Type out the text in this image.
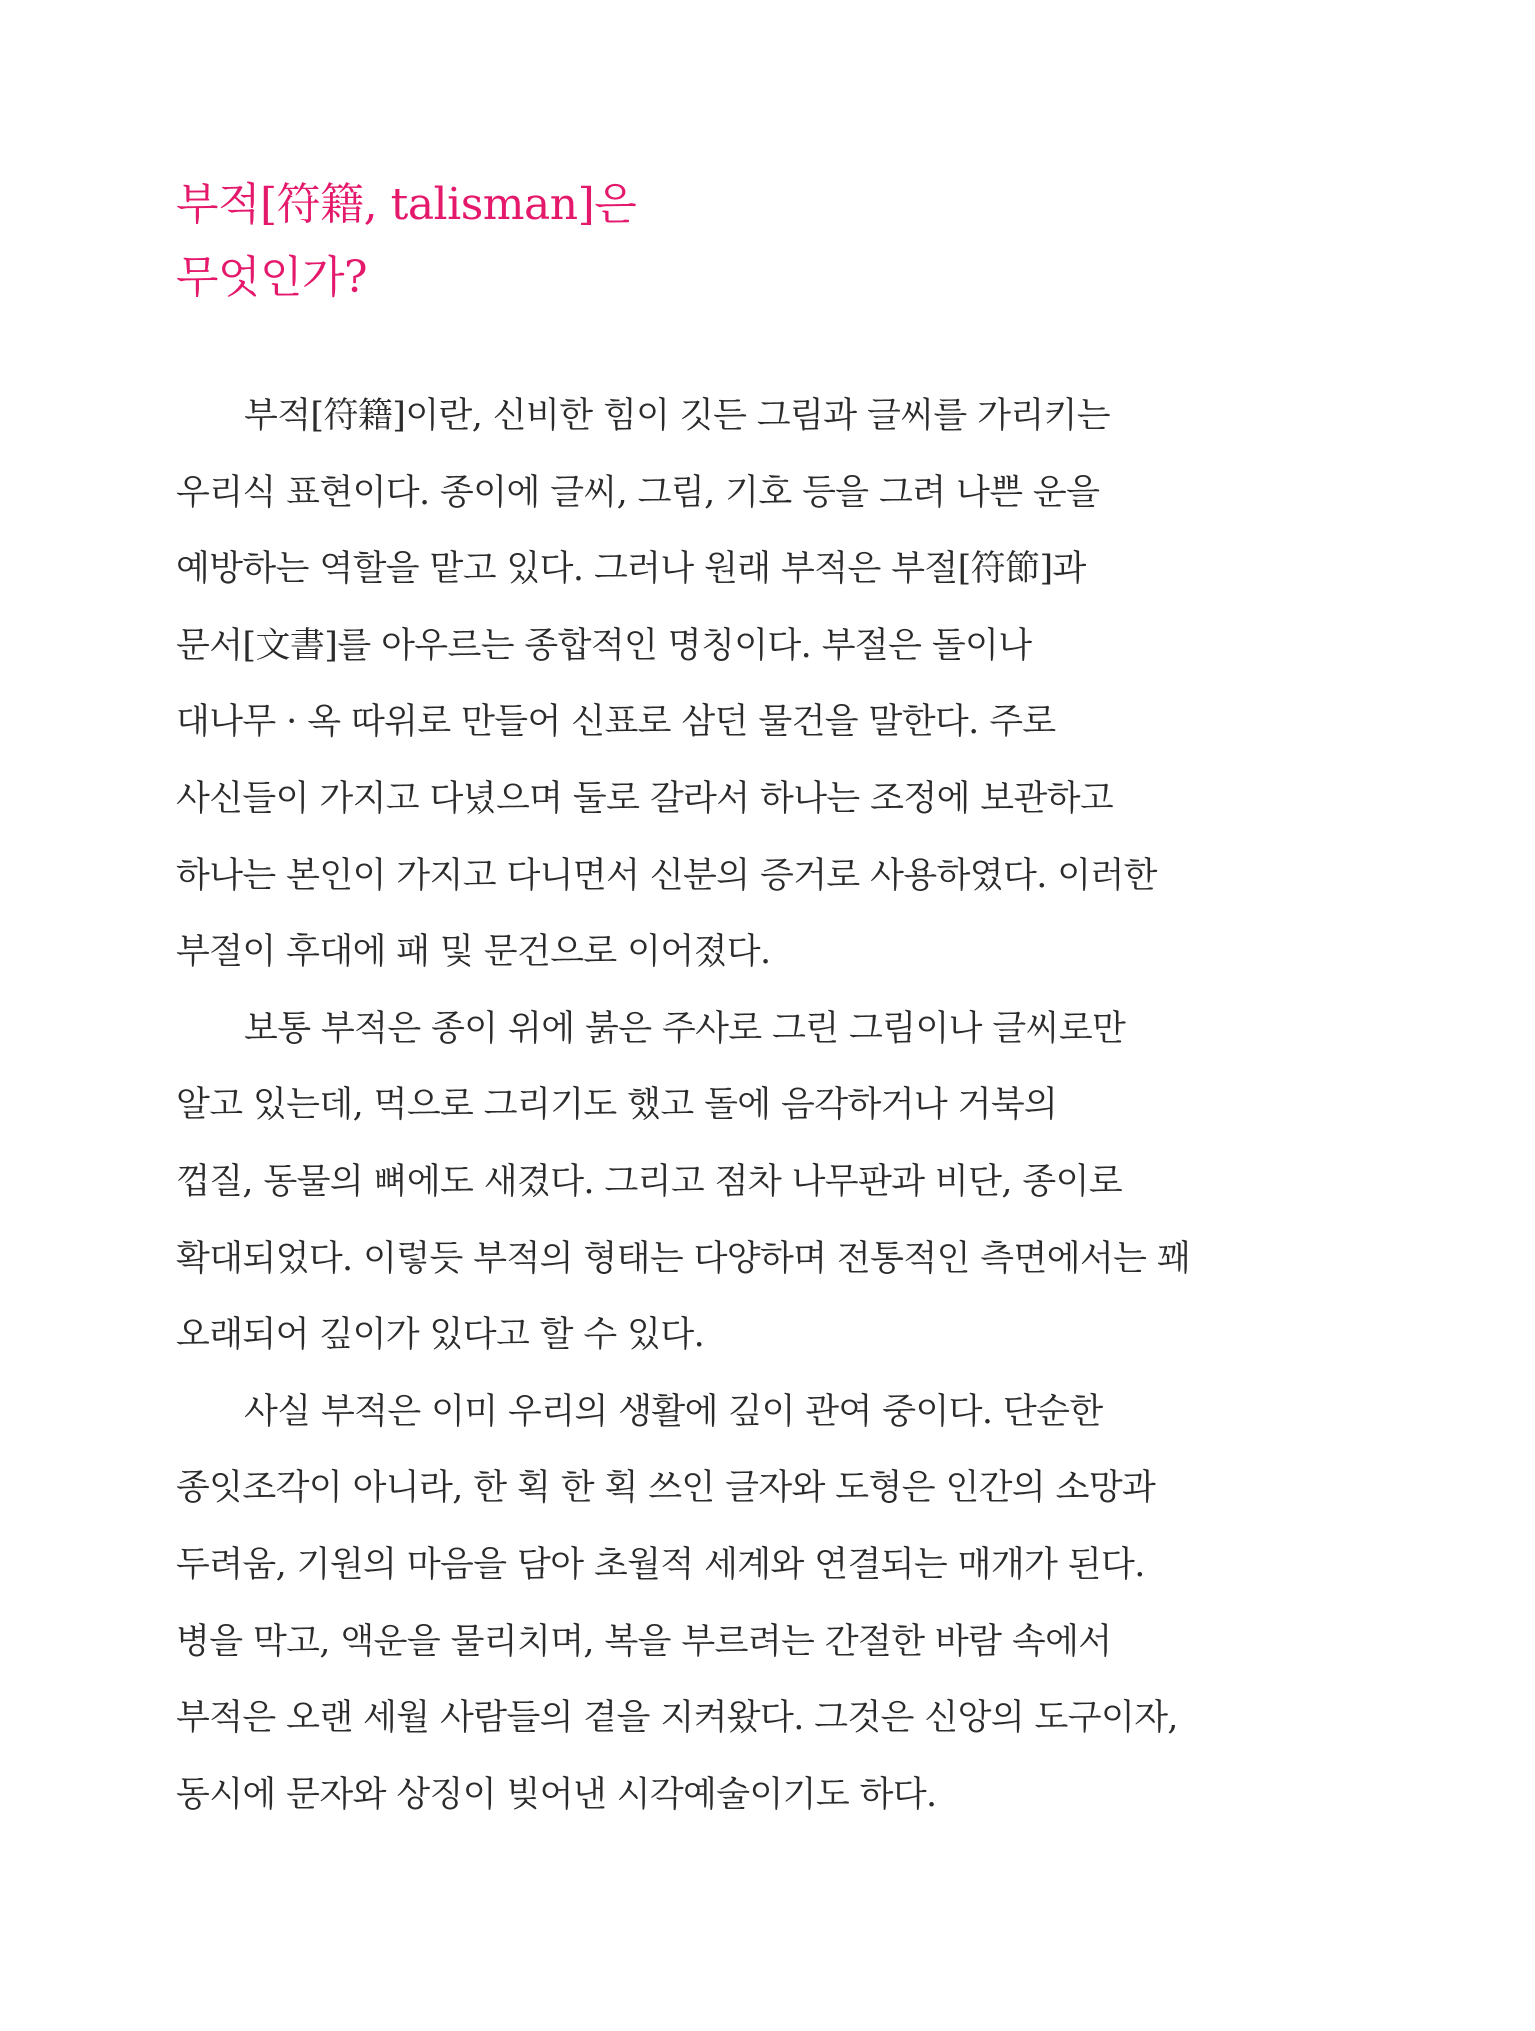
부적[符籍, talisman]은
무엇인가?
부적[符籍]이란, 신비한 힘이 깃든 그림과 글씨를 가리키는
우리식 표현이다. 종이에 글씨, 그림, 기호 등을 그려 나쁜 운을
예방하는 역할을 맡고 있다. 그러나 원래 부적은 부절[符節]과
문서[文書]를 아우르는 종합적인 명칭이다. 부절은 돌이나
대나무 · 옥 따위로 만들어 신표로 삼던 물건을 말한다. 주로
사신들이 가지고 다녔으며 둘로 갈라서 하나는 조정에 보관하고
하나는 본인이 가지고 다니면서 신분의 증거로 사용하였다. 이러한
부절이 후대에 패 및 문건으로 이어졌다.
보통 부적은 종이 위에 붉은 주사로 그린 그림이나 글씨로만
알고 있는데, 먹으로 그리기도 했고 돌에 음각하거나 거북의
껍질, 동물의 뼈에도 새겼다. 그리고 점차 나무판과 비단, 종이로
확대되었다. 이렇듯 부적의 형태는 다양하며 전통적인 측면에서는 꽤
오래되어 깊이가 있다고 할 수 있다.
사실 부적은 이미 우리의 생활에 깊이 관여 중이다. 단순한
종잇조각이 아니라, 한 획 한 획 쓰인 글자와 도형은 인간의 소망과
두려움, 기원의 마음을 담아 초월적 세계와 연결되는 매개가 된다.
병을 막고, 액운을 물리치며, 복을 부르려는 간절한 바람 속에서
부적은 오랜 세월 사람들의 곁을 지켜왔다. 그것은 신앙의 도구이자,
동시에 문자와 상징이 빚어낸 시각예술이기도 하다.
